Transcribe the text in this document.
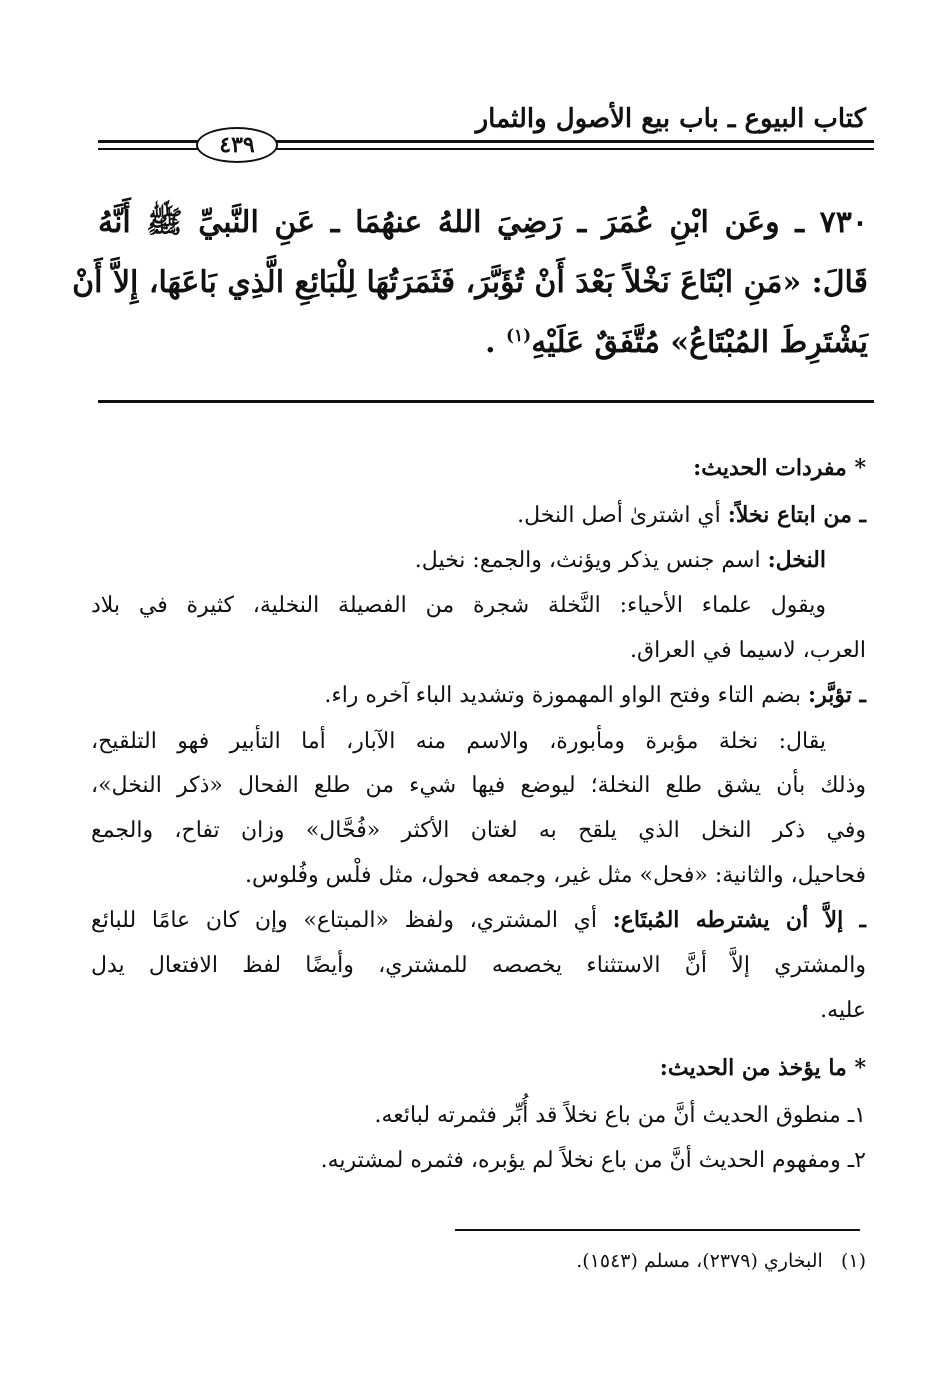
كتاب البيوع ـ باب بيع الأصول والثمار
٤٣٩
٧٣٠ ـ وعَن ابْنِ عُمَرَ ـ رَضِيَ اللهُ عنهُمَا ـ عَنِ النَّبيِّ ﷺ أَنَّهُ
قَالَ: «مَنِ ابْتَاعَ نَخْلاً بَعْدَ أَنْ تُؤَبَّرَ، فَثَمَرَتُهَا لِلْبَائِعِ الَّذِي بَاعَهَا، إِلاَّ أَنْ
يَشْتَرِطَ المُبْتَاعُ» مُتَّفَقٌ عَلَيْهِ$^{(١)}$ .
* مفردات الحديث:
ـ من ابتاع نخلاً: أي اشترىٰ أصل النخل.
النخل: اسم جنس يذكر ويؤنث، والجمع: نخيل.
ويقول علماء الأحياء: النَّخلة شجرة من الفصيلة النخلية، كثيرة في بلاد
العرب، لاسيما في العراق.
ـ تؤبَّر: بضم التاء وفتح الواو المهموزة وتشديد الباء آخره راء.
يقال: نخلة مؤبرة ومأبورة، والاسم منه الآبار، أما التأبير فهو التلقيح،
وذلك بأن يشق طلع النخلة؛ ليوضع فيها شيء من طلع الفحال «ذكر النخل»،
وفي ذكر النخل الذي يلقح به لغتان الأكثر «فُحَّال» وزان تفاح، والجمع
فحاحيل، والثانية: «فحل» مثل غير، وجمعه فحول، مثل فلْس وفُلوس.
ـ إلاَّ أن يشترطه المُبتَاع: أي المشتري، ولفظ «المبتاع» وإن كان عامًا للبائع
والمشتري إلاَّ أنَّ الاستثناء يخصصه للمشتري، وأيضًا لفظ الافتعال يدل
عليه.
* ما يؤخذ من الحديث:
١ـ منطوق الحديث أنَّ من باع نخلاً قد أُبِّر فثمرته لبائعه.
٢ـ ومفهوم الحديث أنَّ من باع نخلاً لم يؤبره، فثمره لمشتريه.
(١)   البخاري (٢٣٧٩)، مسلم (١٥٤٣).
